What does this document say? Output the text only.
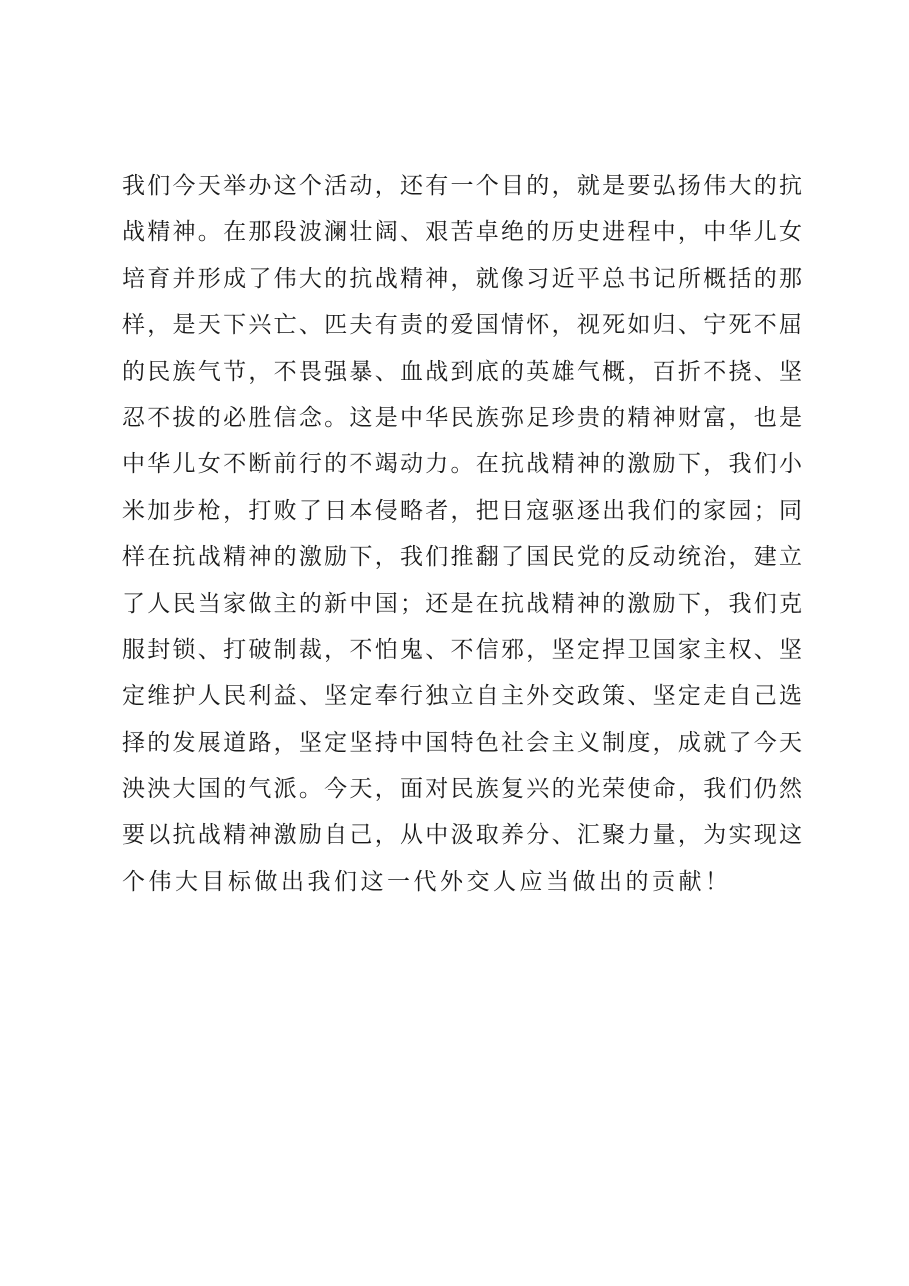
我们今天举办这个活动，还有一个目的，就是要弘扬伟大的抗
战精神。在那段波澜壮阔、艰苦卓绝的历史进程中，中华儿女
培育并形成了伟大的抗战精神，就像习近平总书记所概括的那
样，是天下兴亡、匹夫有责的爱国情怀，视死如归、宁死不屈
的民族气节，不畏强暴、血战到底的英雄气概，百折不挠、坚
忍不拔的必胜信念。这是中华民族弥足珍贵的精神财富，也是
中华儿女不断前行的不竭动力。在抗战精神的激励下，我们小
米加步枪，打败了日本侵略者，把日寇驱逐出我们的家园；同
样在抗战精神的激励下，我们推翻了国民党的反动统治，建立
了人民当家做主的新中国；还是在抗战精神的激励下，我们克
服封锁、打破制裁，不怕鬼、不信邪，坚定捍卫国家主权、坚
定维护人民利益、坚定奉行独立自主外交政策、坚定走自己选
择的发展道路，坚定坚持中国特色社会主义制度，成就了今天
泱泱大国的气派。今天，面对民族复兴的光荣使命，我们仍然
要以抗战精神激励自己，从中汲取养分、汇聚力量，为实现这
个伟大目标做出我们这一代外交人应当做出的贡献！
